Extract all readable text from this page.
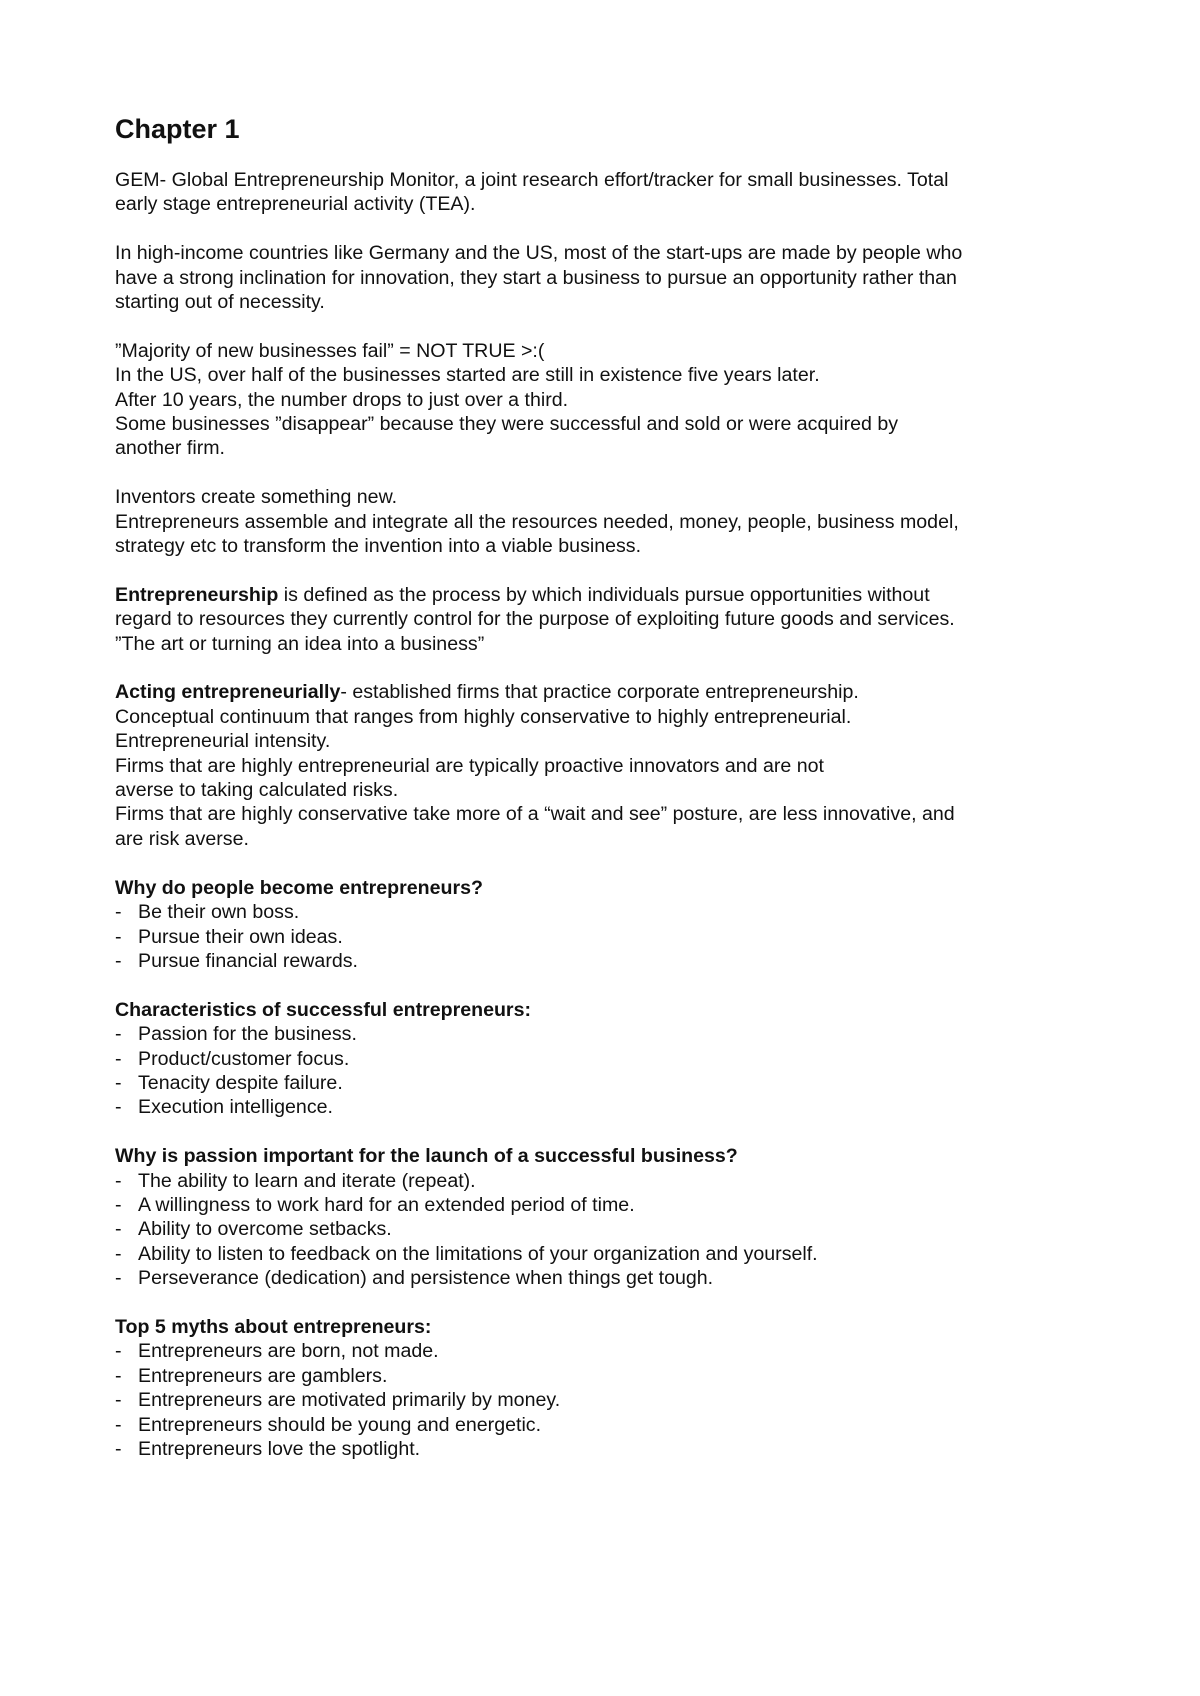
Chapter 1
GEM- Global Entrepreneurship Monitor, a joint research effort/tracker for small businesses. Total
early stage entrepreneurial activity (TEA).
In high-income countries like Germany and the US, most of the start-ups are made by people who
have a strong inclination for innovation, they start a business to pursue an opportunity rather than
starting out of necessity.
”Majority of new businesses fail” = NOT TRUE >:(
In the US, over half of the businesses started are still in existence five years later.
After 10 years, the number drops to just over a third.
Some businesses ”disappear” because they were successful and sold or were acquired by
another firm.
Inventors create something new.
Entrepreneurs assemble and integrate all the resources needed, money, people, business model,
strategy etc to transform the invention into a viable business.
Entrepreneurship is defined as the process by which individuals pursue opportunities without
regard to resources they currently control for the purpose of exploiting future goods and services.
”The art or turning an idea into a business”
Acting entrepreneurially- established firms that practice corporate entrepreneurship.
Conceptual continuum that ranges from highly conservative to highly entrepreneurial.
Entrepreneurial intensity.
Firms that are highly entrepreneurial are typically proactive innovators and are not
averse to taking calculated risks.
Firms that are highly conservative take more of a “wait and see” posture, are less innovative, and
are risk averse.
Why do people become entrepreneurs?
- Be their own boss.
- Pursue their own ideas.
- Pursue financial rewards.
Characteristics of successful entrepreneurs:
- Passion for the business.
- Product/customer focus.
- Tenacity despite failure.
- Execution intelligence.
Why is passion important for the launch of a successful business?
- The ability to learn and iterate (repeat).
- A willingness to work hard for an extended period of time.
- Ability to overcome setbacks.
- Ability to listen to feedback on the limitations of your organization and yourself.
- Perseverance (dedication) and persistence when things get tough.
Top 5 myths about entrepreneurs:
- Entrepreneurs are born, not made.
- Entrepreneurs are gamblers.
- Entrepreneurs are motivated primarily by money.
- Entrepreneurs should be young and energetic.
- Entrepreneurs love the spotlight.
